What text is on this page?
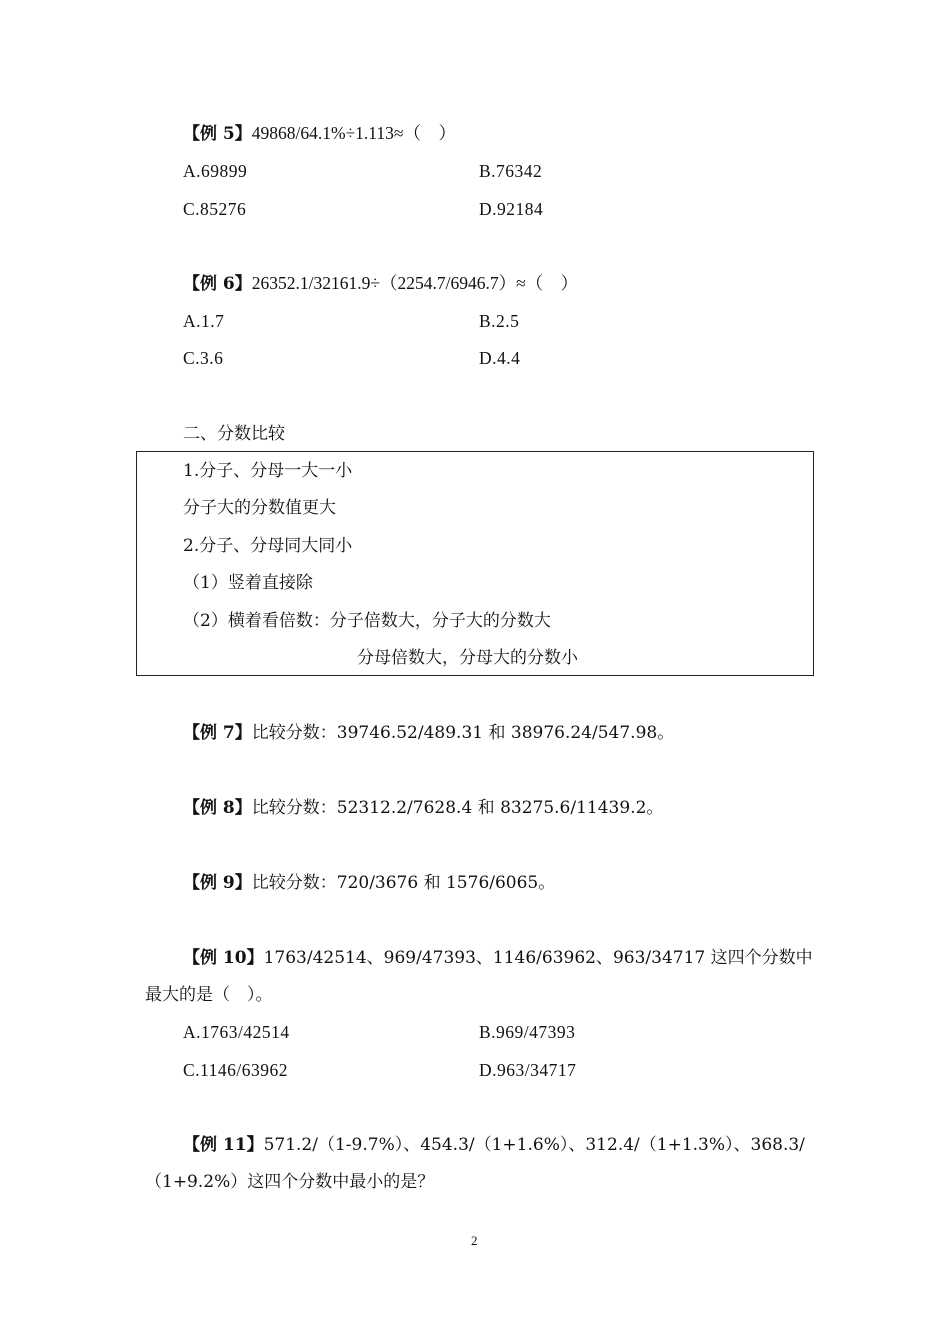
【例 5】49868/64.1%÷1.113≈（　）
A.69899	B.76342
C.85276	D.92184
【例 6】26352.1/32161.9÷（2254.7/6946.7）≈（　）
A.1.7	B.2.5
C.3.6	D.4.4
二、分数比较
1.分子、分母一大一小
分子大的分数值更大
2.分子、分母同大同小
（1）竖着直接除
（2）横着看倍数：分子倍数大，分子大的分数大
分母倍数大，分母大的分数小
【例 7】比较分数：39746.52/489.31 和 38976.24/547.98。
【例 8】比较分数：52312.2/7628.4 和 83275.6/11439.2。
【例 9】比较分数：720/3676 和 1576/6065。
【例 10】1763/42514、969/47393、1146/63962、963/34717 这四个分数中
最大的是（　）。
A.1763/42514	B.969/47393
C.1146/63962	D.963/34717
【例 11】571.2/（1-9.7%）、454.3/（1+1.6%）、312.4/（1+1.3%）、368.3/
（1+9.2%）这四个分数中最小的是？
2
